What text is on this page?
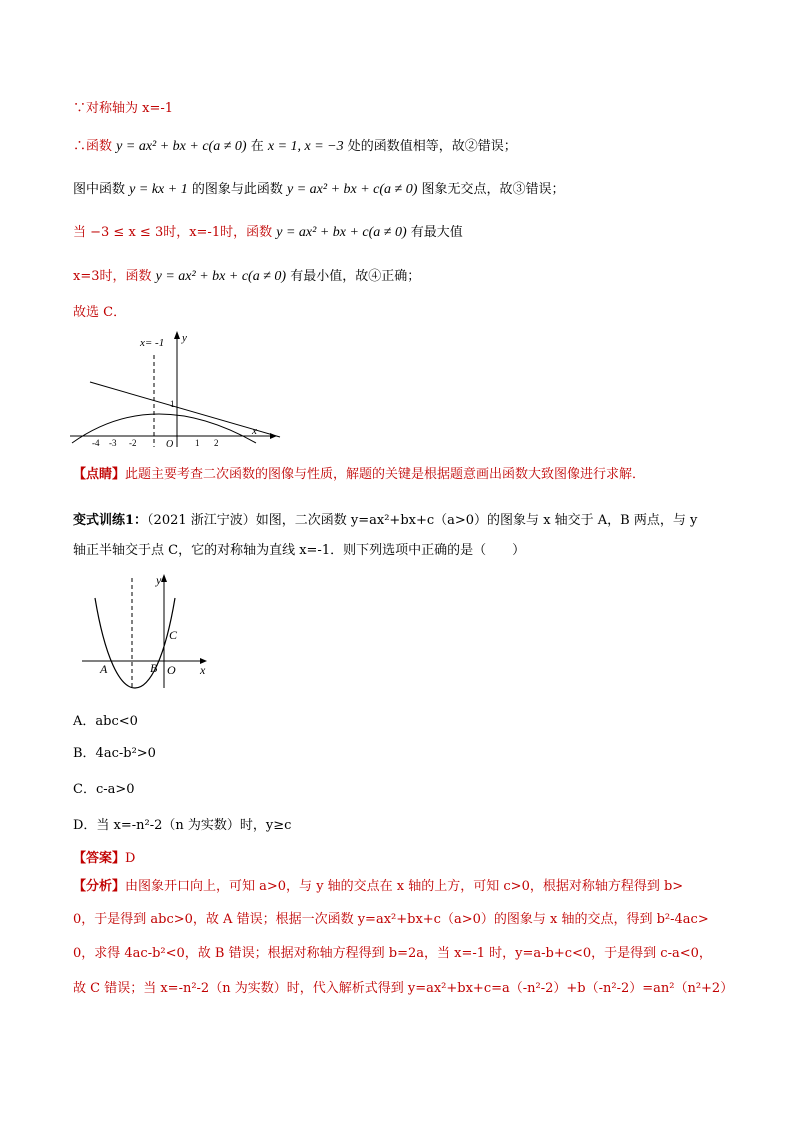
∵对称轴为 x=-1
∴函数 y = ax² + bx + c(a ≠ 0) 在 x = 1, x = −3 处的函数值相等，故②错误；
图中函数 y = kx + 1 的图象与此函数 y = ax² + bx + c(a ≠ 0) 图象无交点，故③错误；
当 −3 ≤ x ≤ 3时，x=-1时，函数 y = ax² + bx + c(a ≠ 0) 有最大值
x=3时，函数 y = ax² + bx + c(a ≠ 0) 有最小值，故④正确；
故选 C．
x= -1 y
x
O
1
-4 -3 -2	1 2
【点睛】此题主要考查二次函数的图像与性质，解题的关键是根据题意画出函数大致图像进行求解．
变式训练1：（2021 浙江宁波）如图，二次函数 y=ax²+bx+c（a>0）的图象与 x 轴交于 A，B 两点，与 y
轴正半轴交于点 C，它的对称轴为直线 x=-1．则下列选项中正确的是（　　）
y
x
A	B
C
O
A．abc<0
B．4ac-b²>0
C．c-a>0
D．当 x=-n²-2（n 为实数）时，y≥c
【答案】D
【分析】由图象开口向上，可知 a>0，与 y 轴的交点在 x 轴的上方，可知 c>0，根据对称轴方程得到 b>
0，于是得到 abc>0，故 A 错误；根据一次函数 y=ax²+bx+c（a>0）的图象与 x 轴的交点，得到 b²-4ac>
0，求得 4ac-b²<0，故 B 错误；根据对称轴方程得到 b=2a，当 x=-1 时，y=a-b+c<0，于是得到 c-a<0，
故 C 错误；当 x=-n²-2（n 为实数）时，代入解析式得到 y=ax²+bx+c=a（-n²-2）+b（-n²-2）=an²（n²+2）
